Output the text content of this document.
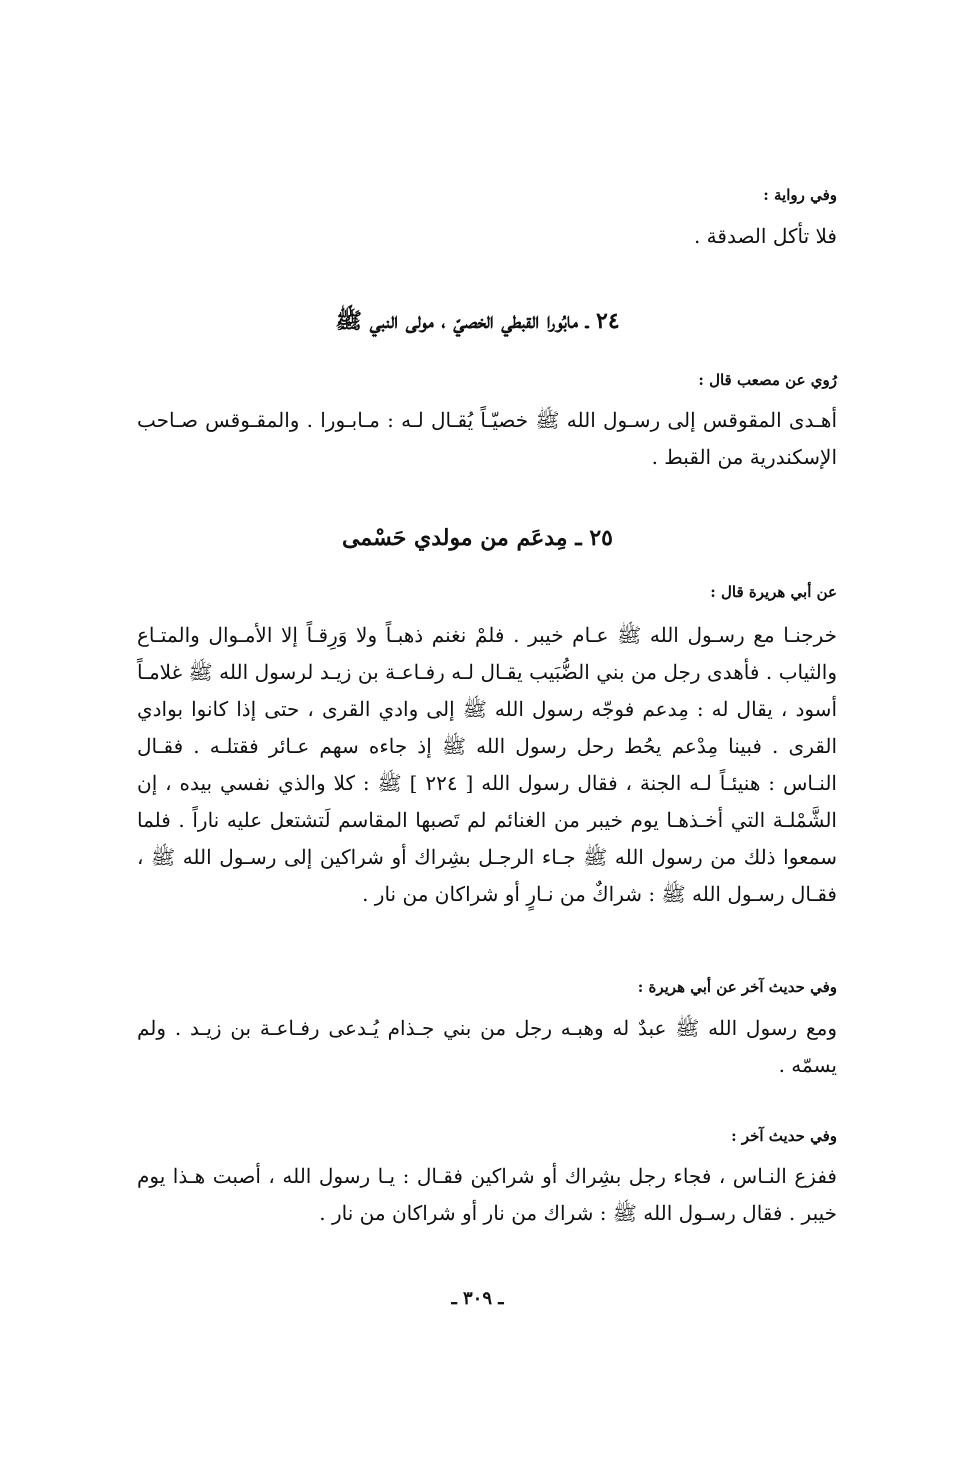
وفي رواية :
فلا تأكل الصدقة .
٢٤ ـ مابُورا القبطي الخصيّ ، مولى النبي ﷺ
رُوي عن مصعب قال :
أهـدى المقوقس إلى رسـول الله ﷺ خصيّـاً يُقـال لـه : مـابـورا . والمقـوقس صـاحب الإسكندرية من القبط .
٢٥ ـ مِدعَم من مولدي حَسْمى
عن أبي هريرة قال :
خرجنـا مع رسـول الله ﷺ عـام خيبر . فلمْ نغنم ذهبـاً ولا وَرِقـاً إلا الأمـوال والمتـاع والثياب . فأهدى رجل من بني الضُّبَيب يقـال لـه رفـاعـة بن زيـد لرسول الله ﷺ غلامـاً أسود ، يقال له : مِدعم فوجّه رسول الله ﷺ إلى وادي القرى ، حتى إذا كانوا بوادي القرى . فبينا مِدْعم يحُط رحل رسول الله ﷺ إذ جاءه سهم عـائر فقتلـه . فقـال النـاس : هنيئـاً لـه الجنة ، فقال رسول الله [ ٢٢٤ ] ﷺ : كلا والذي نفسي بيده ، إن الشَّمْلـة التي أخـذهـا يوم خيبر من الغنائم لم تَصبها المقاسم لَتشتعل عليه ناراً . فلما سمعوا ذلك من رسول الله ﷺ جـاء الرجـل بشِراك أو شراكين إلى رسـول الله ﷺ ، فقـال رسـول الله ﷺ : شراكٌ من نـارٍ أو شراكان من نار .
وفي حديث آخر عن أبي هريرة :
ومع رسول الله ﷺ عبدٌ له وهبـه رجل من بني جـذام يُـدعى رفـاعـة بن زيـد . ولم يسمّه .
وفي حديث آخر :
ففزع النـاس ، فجاء رجل بشِراك أو شراكين فقـال : يـا رسول الله ، أصبت هـذا يوم خيبر . فقال رسـول الله ﷺ : شراك من نار أو شراكان من نار .
ـ ٣٠٩ ـ
